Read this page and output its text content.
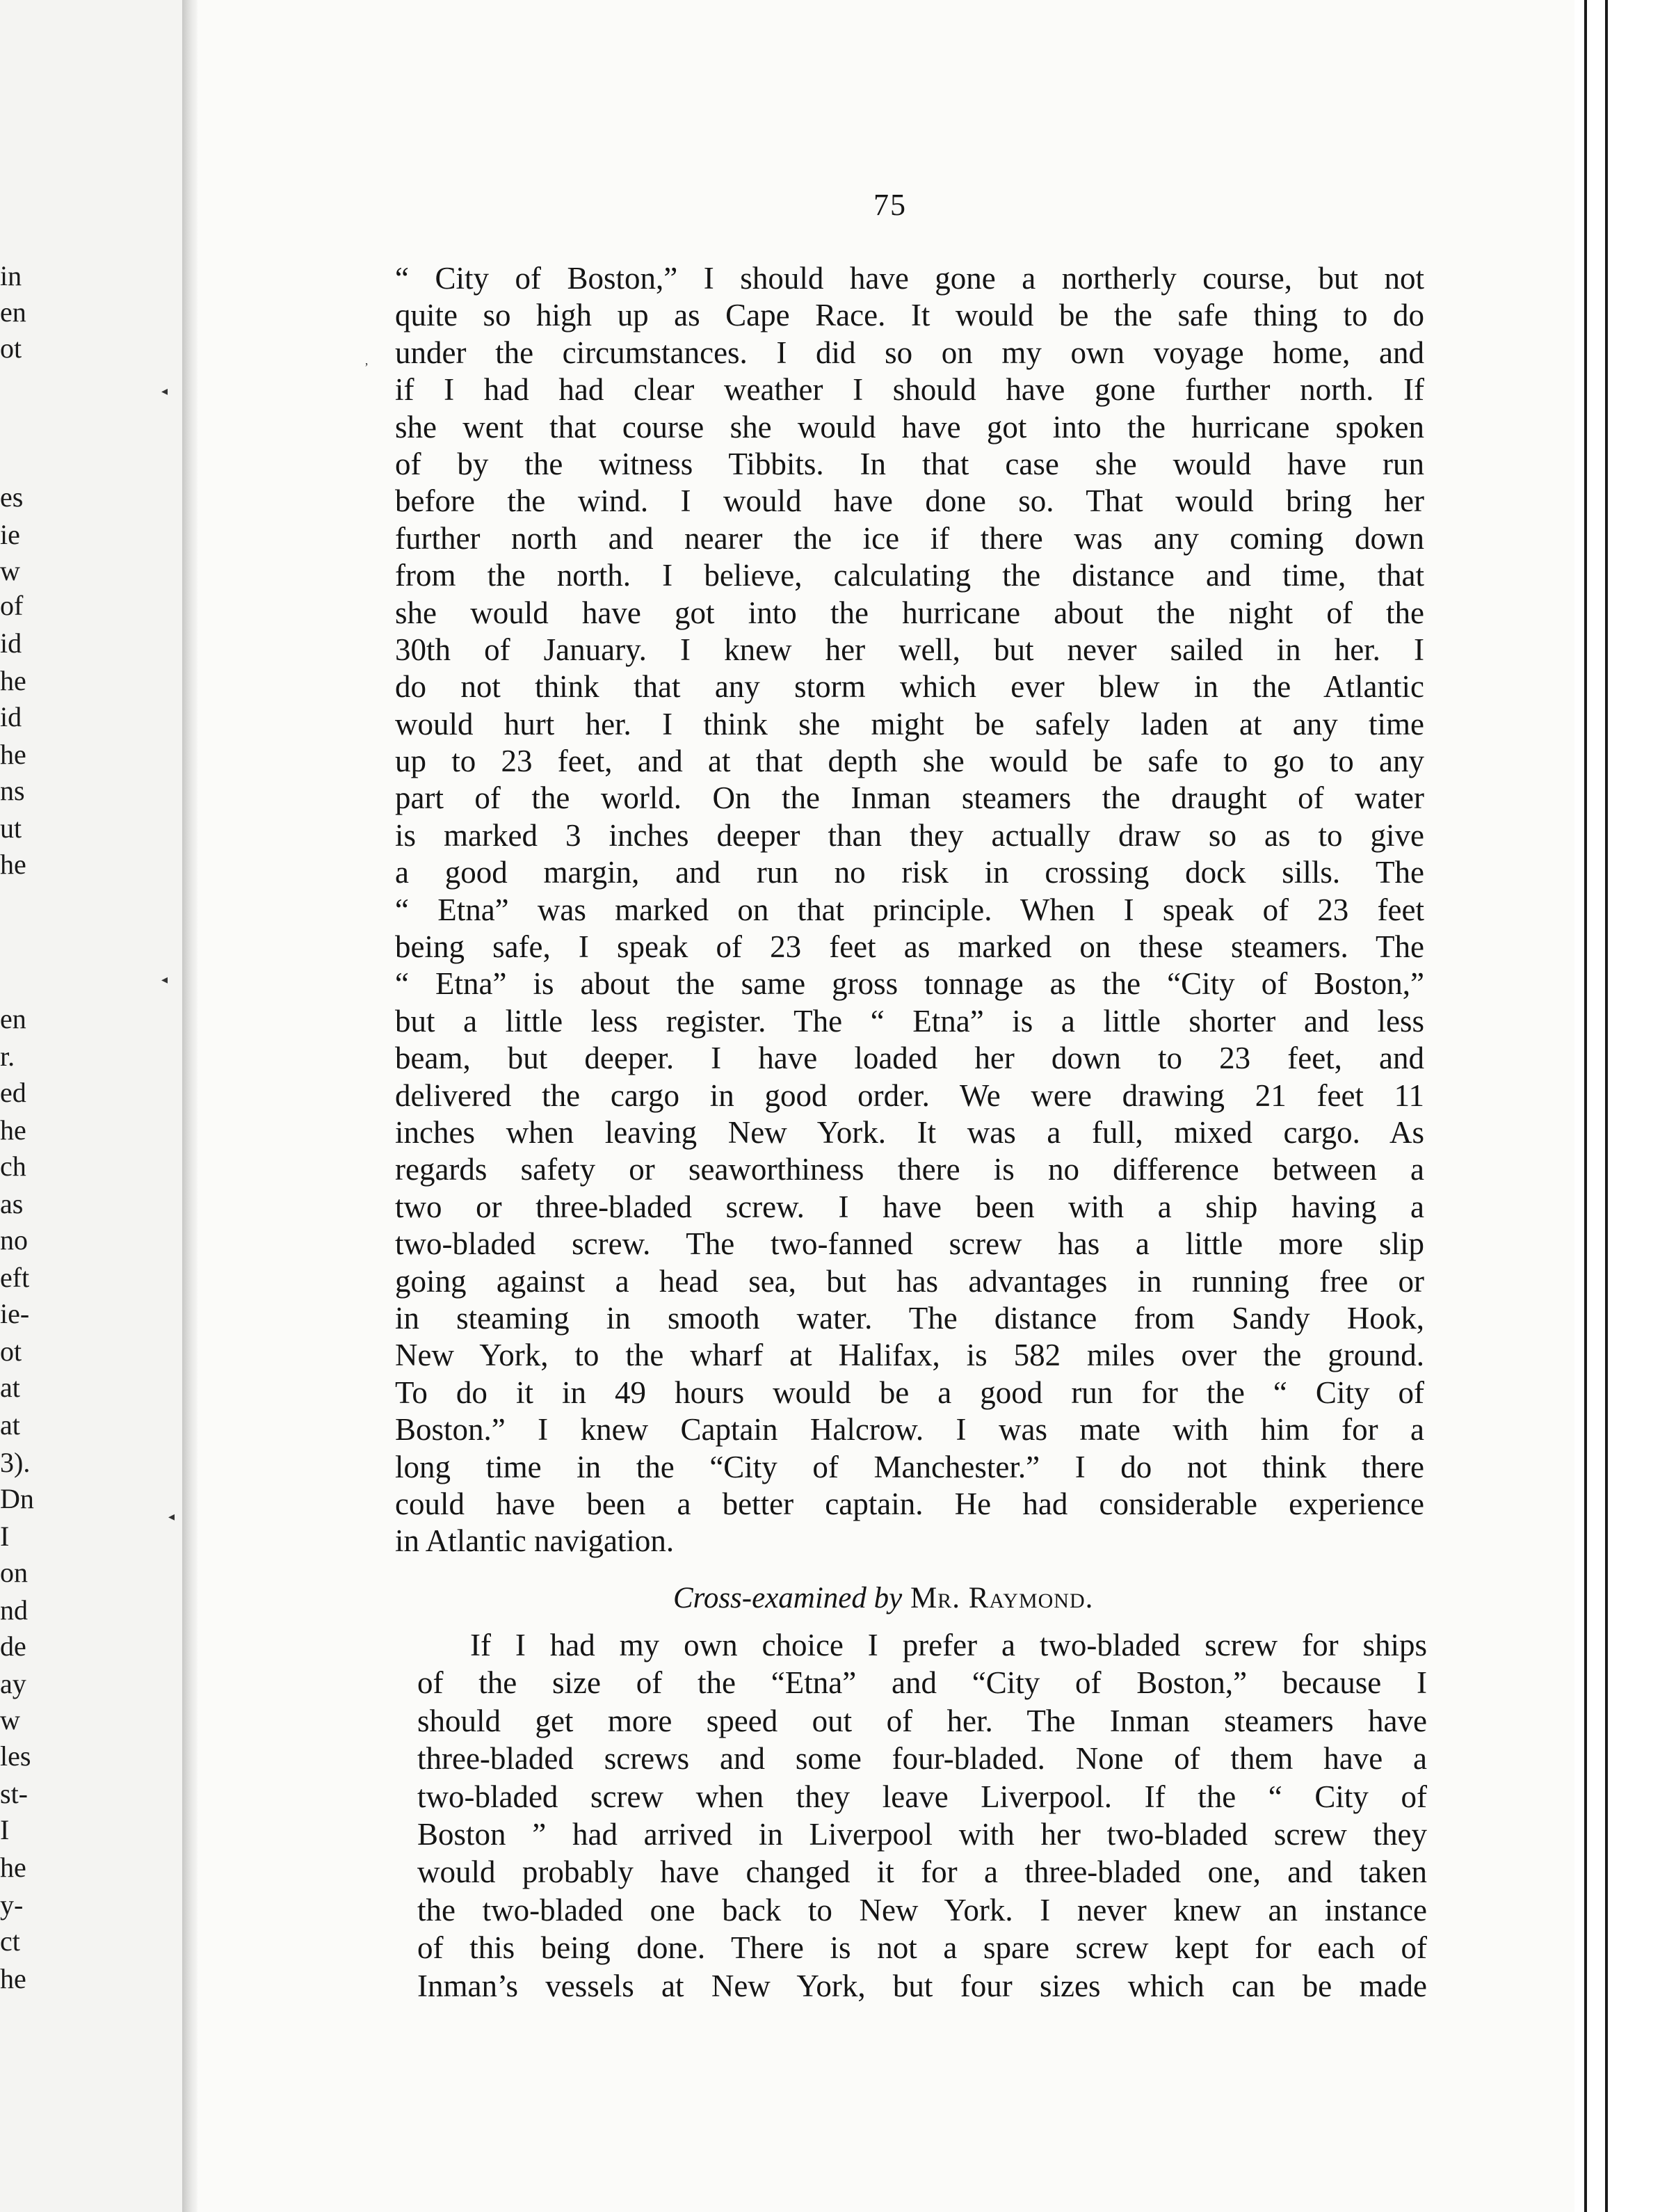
in
en
ot
es
ie
w
of
id
he
id
he
ns
ut
he
en
r.
ed
he
ch
as
no
eft
ie-
ot
at
at
3).
Dn
I
on
nd
de
ay
w
les
st-
I
he
y-
ct
he
◂
◂
◂
‚
75
“ City of Boston,” I should have gone a northerly course, but not
quite so high up as Cape Race. It would be the safe thing to do
under the circumstances. I did so on my own voyage home, and
if I had had clear weather I should have gone further north. If
she went that course she would have got into the hurricane spoken
of by the witness Tibbits. In that case she would have run
before the wind. I would have done so. That would bring her
further north and nearer the ice if there was any coming down
from the north. I believe, calculating the distance and time, that
she would have got into the hurricane about the night of the
30th of January. I knew her well, but never sailed in her. I
do not think that any storm which ever blew in the Atlantic
would hurt her. I think she might be safely laden at any time
up to 23 feet, and at that depth she would be safe to go to any
part of the world. On the Inman steamers the draught of water
is marked 3 inches deeper than they actually draw so as to give
a good margin, and run no risk in crossing dock sills. The
“ Etna” was marked on that principle. When I speak of 23 feet
being safe, I speak of 23 feet as marked on these steamers. The
“ Etna” is about the same gross tonnage as the “City of Boston,”
but a little less register. The “ Etna” is a little shorter and less
beam, but deeper. I have loaded her down to 23 feet, and
delivered the cargo in good order. We were drawing 21 feet 11
inches when leaving New York. It was a full, mixed cargo. As
regards safety or seaworthiness there is no difference between a
two or three-bladed screw. I have been with a ship having a
two-bladed screw. The two-fanned screw has a little more slip
going against a head sea, but has advantages in running free or
in steaming in smooth water. The distance from Sandy Hook,
New York, to the wharf at Halifax, is 582 miles over the ground.
To do it in 49 hours would be a good run for the “ City of
Boston.” I knew Captain Halcrow. I was mate with him for a
long time in the “City of Manchester.” I do not think there
could have been a better captain. He had considerable experience
in Atlantic navigation.
Cross-examined by Mr. Raymond.
If I had my own choice I prefer a two-bladed screw for ships
of the size of the “Etna” and “City of Boston,” because I
should get more speed out of her. The Inman steamers have
three-bladed screws and some four-bladed. None of them have a
two-bladed screw when they leave Liverpool. If the “ City of
Boston ” had arrived in Liverpool with her two-bladed screw they
would probably have changed it for a three-bladed one, and taken
the two-bladed one back to New York. I never knew an instance
of this being done. There is not a spare screw kept for each of
Inman’s vessels at New York, but four sizes which can be made
